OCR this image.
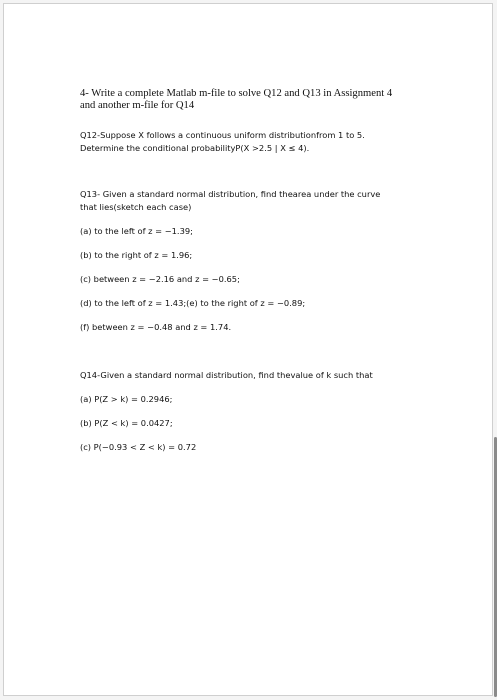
4- Write a complete Matlab m-file to solve Q12 and Q13 in Assignment 4

and another m-file for Q14

Q12-Suppose X follows a continuous uniform distributionfrom 1 to 5.

Determine the conditional probabilityP(X >2.5 | X ≤ 4).

Q13- Given a standard normal distribution, find thearea under the curve

that lies(sketch each case)

(a) to the left of z = −1.39;

(b) to the right of z = 1.96;

(c) between z = −2.16 and z = −0.65;

(d) to the left of z = 1.43;(e) to the right of z = −0.89;

(f) between z = −0.48 and z = 1.74.

Q14-Given a standard normal distribution, find thevalue of k such that

(a) P(Z > k) = 0.2946;

(b) P(Z < k) = 0.0427;

(c) P(−0.93 < Z < k) = 0.72
